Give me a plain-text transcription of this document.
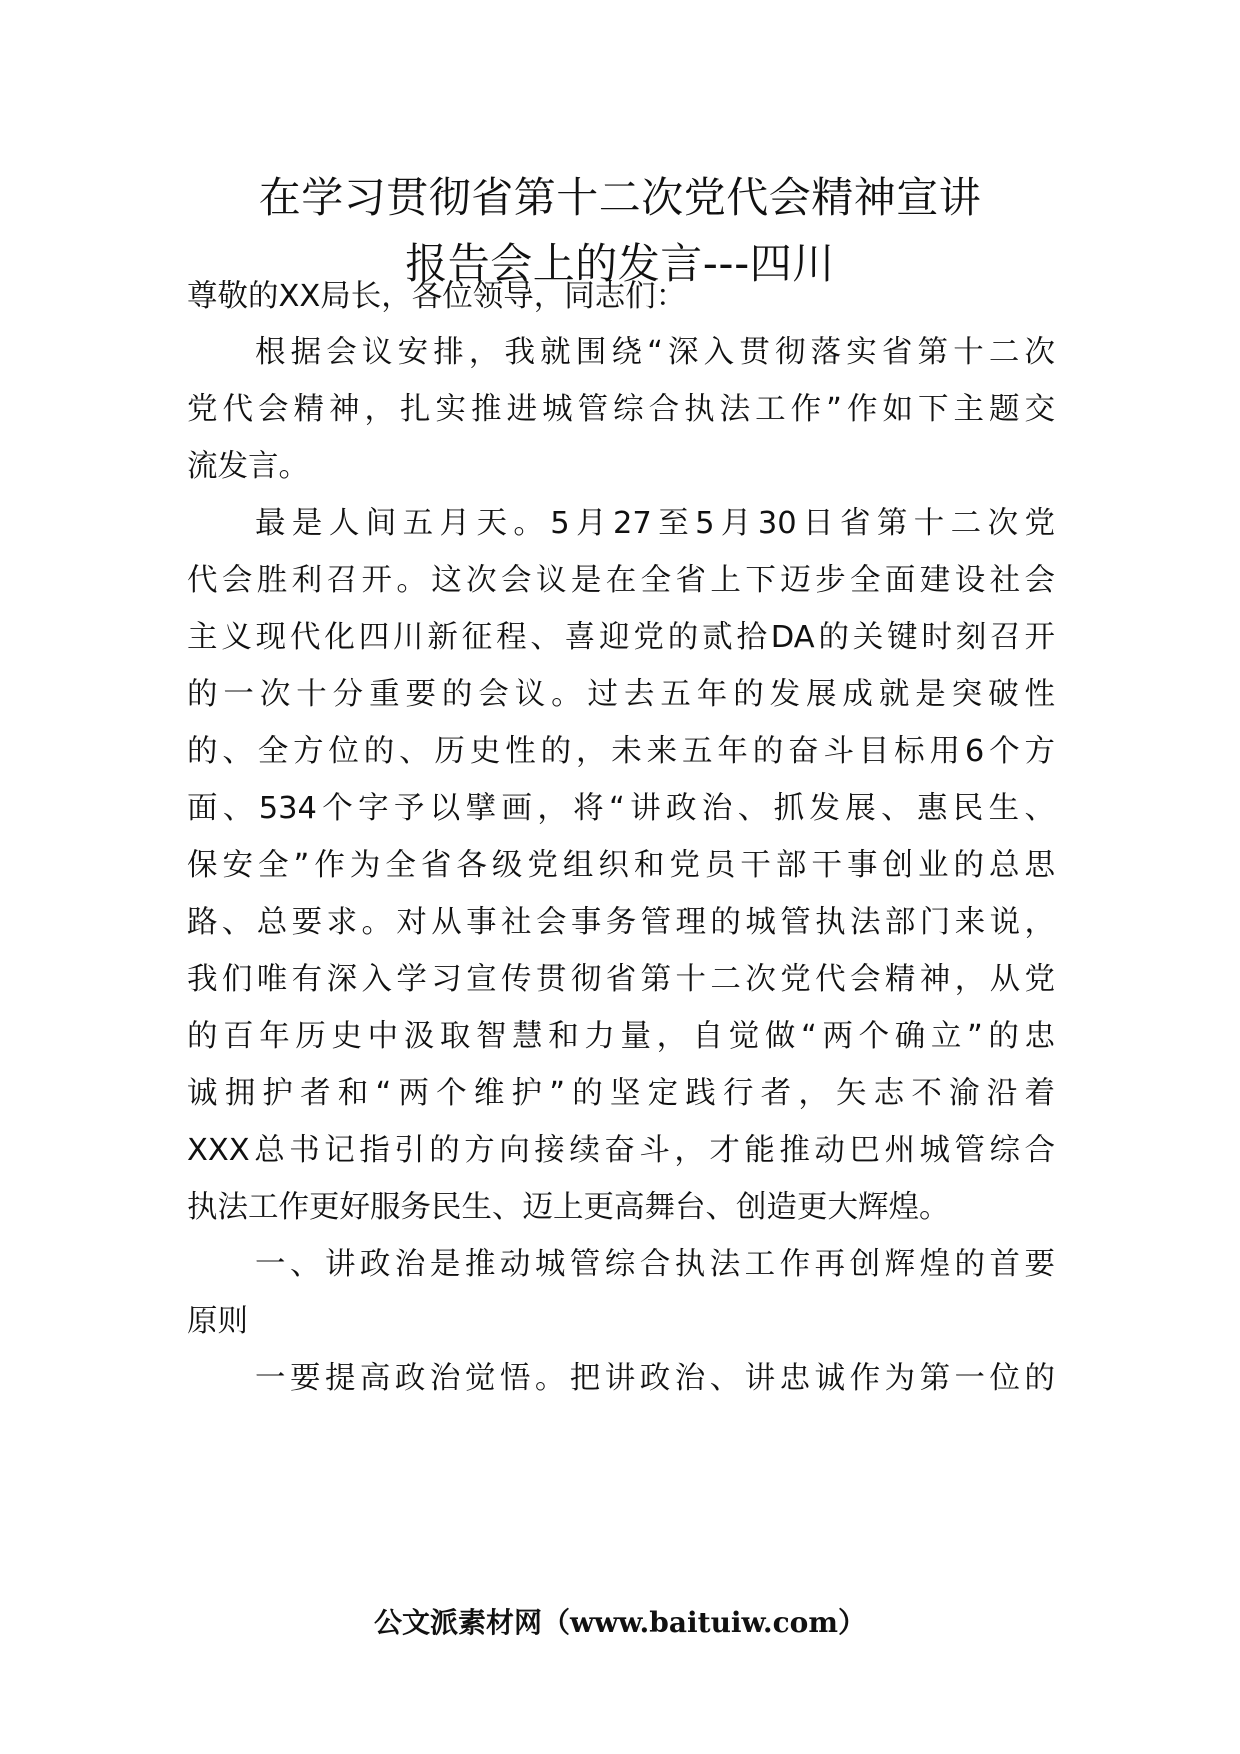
在学习贯彻省第十二次党代会精神宣讲
报告会上的发言---四川

尊敬的XX局长，各位领导，同志们：

根据会议安排，我就围绕“深入贯彻落实省第十二次

党代会精神，扎实推进城管综合执法工作”作如下主题交

流发言。

最是人间五月天。5月27至5月30日省第十二次党

代会胜利召开。这次会议是在全省上下迈步全面建设社会

主义现代化四川新征程、喜迎党的贰拾DA的关键时刻召开

的一次十分重要的会议。过去五年的发展成就是突破性

的、全方位的、历史性的，未来五年的奋斗目标用6个方

面、534个字予以擘画，将“讲政治、抓发展、惠民生、

保安全”作为全省各级党组织和党员干部干事创业的总思

路、总要求。对从事社会事务管理的城管执法部门来说，

我们唯有深入学习宣传贯彻省第十二次党代会精神，从党

的百年历史中汲取智慧和力量，自觉做“两个确立”的忠

诚拥护者和“两个维护”的坚定践行者，矢志不渝沿着

XXX总书记指引的方向接续奋斗，才能推动巴州城管综合

执法工作更好服务民生、迈上更高舞台、创造更大辉煌。

一、讲政治是推动城管综合执法工作再创辉煌的首要

原则

一要提高政治觉悟。把讲政治、讲忠诚作为第一位的

公文派素材网（www.baituiw.com）
